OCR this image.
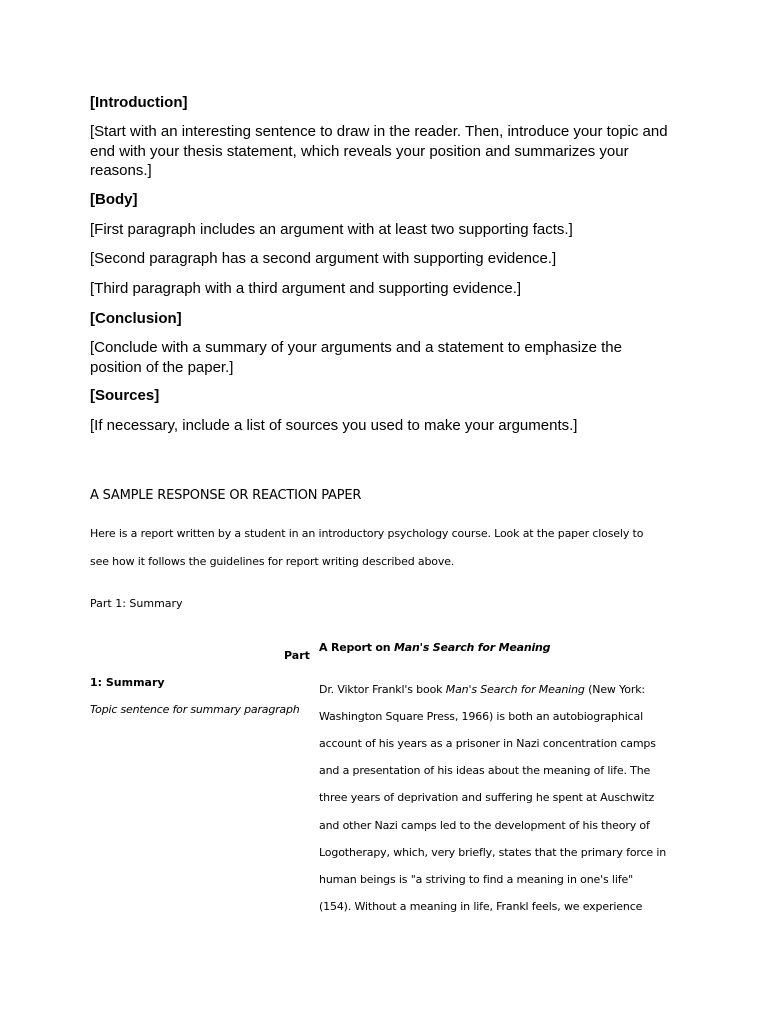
[Introduction]
[Start with an interesting sentence to draw in the reader. Then, introduce your topic and
end with your thesis statement, which reveals your position and summarizes your
reasons.]
[Body]
[First paragraph includes an argument with at least two supporting facts.]
[Second paragraph has a second argument with supporting evidence.]
[Third paragraph with a third argument and supporting evidence.]
[Conclusion]
[Conclude with a summary of your arguments and a statement to emphasize the
position of the paper.]
[Sources]
[If necessary, include a list of sources you used to make your arguments.]
A SAMPLE RESPONSE OR REACTION PAPER
Here is a report written by a student in an introductory psychology course. Look at the paper closely to
see how it follows the guidelines for report writing described above.
Part 1: Summary
Part
1: Summary
Topic sentence for summary paragraph
A Report on Man's Search for Meaning
Dr. Viktor Frankl's book Man's Search for Meaning (New York:
Washington Square Press, 1966) is both an autobiographical
account of his years as a prisoner in Nazi concentration camps
and a presentation of his ideas about the meaning of life. The
three years of deprivation and suffering he spent at Auschwitz
and other Nazi camps led to the development of his theory of
Logotherapy, which, very briefly, states that the primary force in
human beings is "a striving to find a meaning in one's life"
(154). Without a meaning in life, Frankl feels, we experience
